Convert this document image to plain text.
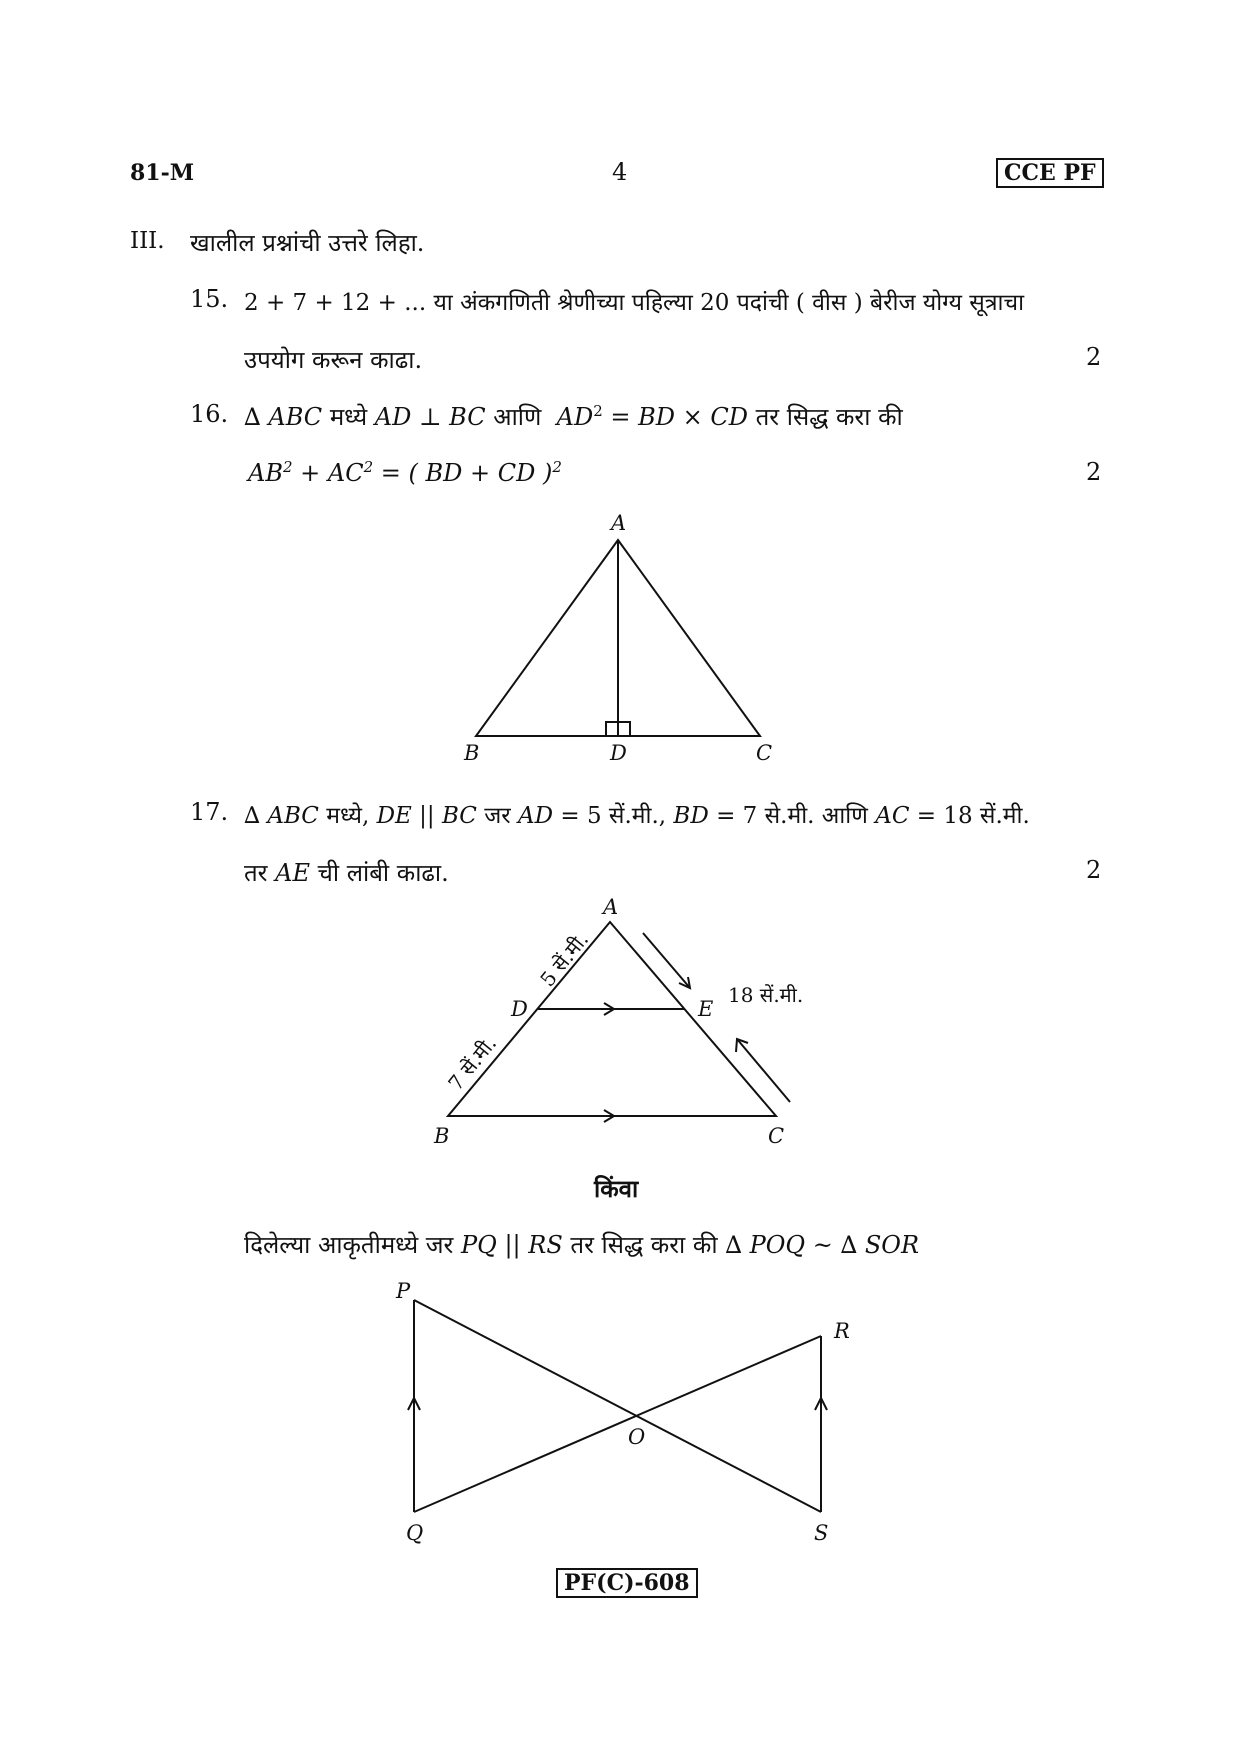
81-M	4	CCE PF
III. खालील प्रश्नांची उत्तरे लिहा.
15. 2 + 7 + 12 + ... या अंकगणिती श्रेणीच्या पहिल्या 20 पदांची ( वीस ) बेरीज योग्य सूत्राचा
उपयोग करून काढा.	2
16. ∆ ABC मध्ये AD ⊥ BC आणि $AD^2$ = BD × CD तर सिद्ध करा की
$AB^2 + AC^2$ = ( BD + CD )$^2$	2
A
B	D	C
17. ∆ ABC मध्ये, DE || BC जर AD = 5 सें.मी., BD = 7 से.मी. आणि AC = 18 सें.मी.
तर AE ची लांबी काढा.	2
A
D	E
B	C
5 सें.मी.
7 सें.मी.
18 सें.मी.
किंवा
दिलेल्या आकृतीमध्ये जर PQ || RS तर सिद्ध करा की ∆ POQ ~ ∆ SOR
P
Q
R
S
O
PF(C)-608
